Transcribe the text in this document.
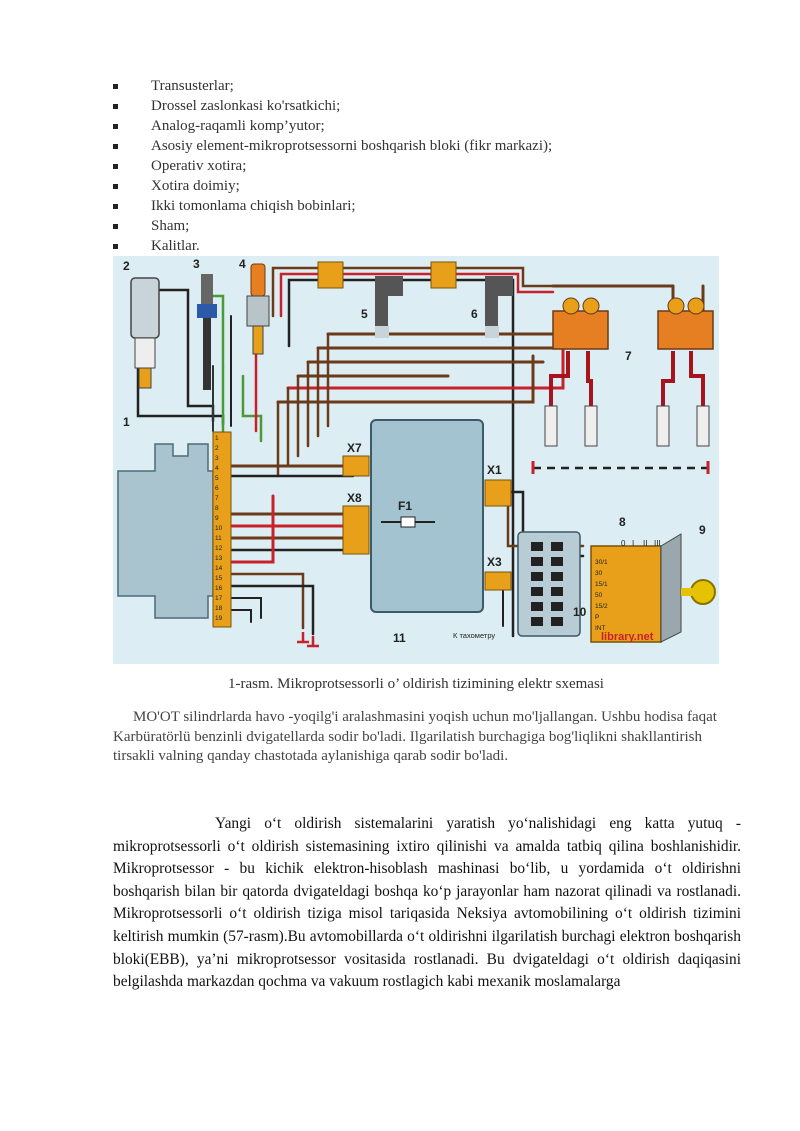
Transusterlar;
Drossel zaslonkasi ko'rsatkichi;
Analog-raqamli komp’yutor;
Asosiy element-mikroprotsessorni boshqarish bloki (fikr markazi);
Operativ xotira;
Xotira doimiy;
Ikki tomonlama chiqish bobinlari;
Sham;
Kalitlar.
1
2
3
4
5
6
7
8
9
10
11
12
13
14
15
16
17
18
19
30/1
30
15/1
50
15/2
P
INT
0 I II III
1
2	3	4
5	6
7
8
9
10
11
X7
X8
X1
X3
F1
К тахометру	library.net
1-rasm. Mikroprotsessorli o’ oldirish tizimining elektr sxemasi

MO'OT silindrlarda havo -yoqilg'i aralashmasini yoqish uchun mo'ljallangan. Ushbu hodisa faqat Karbüratörlü benzinli dvigatellarda sodir bo'ladi. Ilgarilatish burchagiga bog'liqlikni shakllantirish tirsakli valning qanday chastotada aylanishiga qarab sodir bo'ladi.

Yangi o‘t oldirish sistemalarini yaratish yo‘nalishidagi eng katta yutuq - mikroprotsessorli o‘t oldirish sistemasining ixtiro qilinishi va amalda tatbiq qilina boshlanishidir. Mikroprotsessor - bu kichik elektron-hisoblash mashinasi bo‘lib, u yordamida o‘t oldirishni boshqarish bilan bir qatorda dvigateldagi boshqa ko‘p jarayonlar ham nazorat qilinadi va rostlanadi. Mikroprotsessorli o‘t oldirish tiziga misol tariqasida Neksiya avtomobilining o‘t oldirish tizimini keltirish mumkin (57-rasm).Bu avtomobillarda o‘t oldirishni ilgarilatish burchagi elektron boshqarish bloki(EBB), ya’ni mikroprotsessor vositasida rostlanadi. Bu dvigateldagi o‘t oldirish daqiqasini belgilashda markazdan qochma va vakuum rostlagich kabi mexanik moslamalarga
